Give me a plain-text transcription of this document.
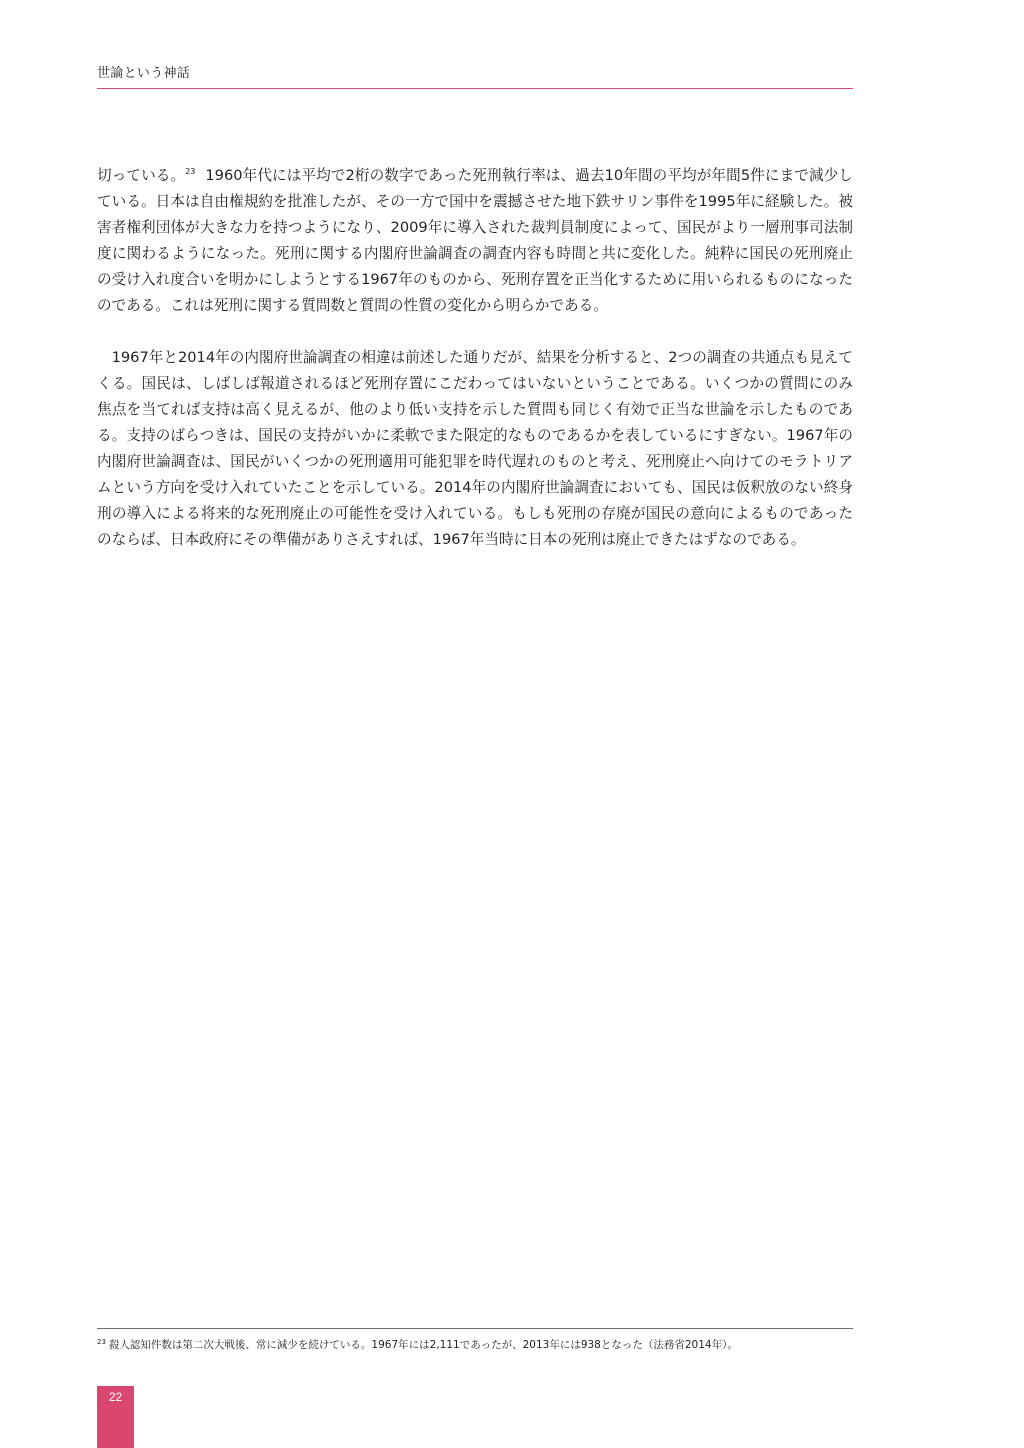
世論という神話

切っている。$^{23}$ 1960年代には平均で2桁の数字であった死刑執行率は、過去10年間の平均が年間5件にまで減少している。日本は自由権規約を批准したが、その一方で国中を震撼させた地下鉄サリン事件を1995年に経験した。被害者権利団体が大きな力を持つようになり、2009年に導入された裁判員制度によって、国民がより一層刑事司法制度に関わるようになった。死刑に関する内閣府世論調査の調査内容も時間と共に変化した。純粋に国民の死刑廃止の受け入れ度合いを明かにしようとする1967年のものから、死刑存置を正当化するために用いられるものになったのである。これは死刑に関する質問数と質問の性質の変化から明らかである。

1967年と2014年の内閣府世論調査の相違は前述した通りだが、結果を分析すると、2つの調査の共通点も見えてくる。国民は、しばしば報道されるほど死刑存置にこだわってはいないということである。いくつかの質問にのみ焦点を当てれば支持は高く見えるが、他のより低い支持を示した質問も同じく有効で正当な世論を示したものである。支持のばらつきは、国民の支持がいかに柔軟でまた限定的なものであるかを表しているにすぎない。1967年の内閣府世論調査は、国民がいくつかの死刑適用可能犯罪を時代遅れのものと考え、死刑廃止へ向けてのモラトリアムという方向を受け入れていたことを示している。2014年の内閣府世論調査においても、国民は仮釈放のない終身刑の導入による将来的な死刑廃止の可能性を受け入れている。もしも死刑の存廃が国民の意向によるものであったのならば、日本政府にその準備がありさえすれば、1967年当時に日本の死刑は廃止できたはずなのである。

$^{23}$ 殺人認知件数は第二次大戦後、常に減少を続けている。1967年には2,111であったが、2013年には938となった（法務省2014年）。
22
